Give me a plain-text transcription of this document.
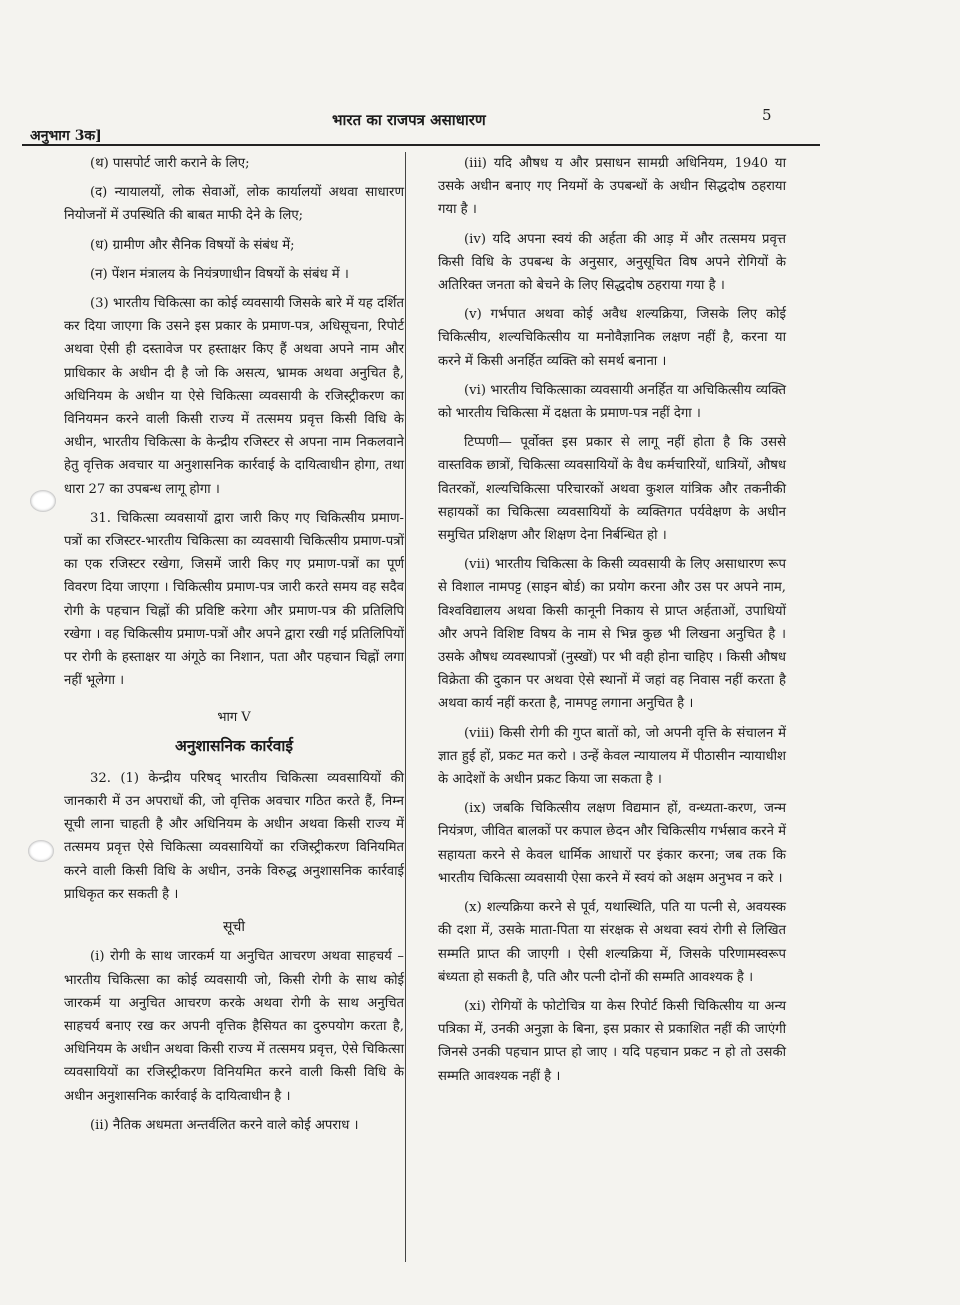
अनुभाग 3क]
भारत का राजपत्र असाधारण	5

(थ) पासपोर्ट जारी कराने के लिए;

(द) न्यायालयों, लोक सेवाओं, लोक कार्यालयों अथवा साधारण नियोजनों में उपस्थिति की बाबत माफी देने के लिए;

(ध) ग्रामीण और सैनिक विषयों के संबंध में;

(न) पेंशन मंत्रालय के नियंत्रणाधीन विषयों के संबंध में ।

(3) भारतीय चिकित्सा का कोई व्यवसायी जिसके बारे में यह दर्शित कर दिया जाएगा कि उसने इस प्रकार के प्रमाण-पत्र, अधिसूचना, रिपोर्ट अथवा ऐसी ही दस्तावेज पर हस्ताक्षर किए हैं अथवा अपने नाम और प्राधिकार के अधीन दी है जो कि असत्य, भ्रामक अथवा अनुचित है, अधिनियम के अधीन या ऐसे चिकित्सा व्यवसायी के रजिस्ट्रीकरण का विनियमन करने वाली किसी राज्य में तत्समय प्रवृत्त किसी विधि के अधीन, भारतीय चिकित्सा के केन्द्रीय रजिस्टर से अपना नाम निकलवाने हेतु वृत्तिक अवचार या अनुशासनिक कार्रवाई के दायित्वाधीन होगा, तथा धारा 27 का उपबन्ध लागू होगा ।

31. चिकित्सा व्यवसायों द्वारा जारी किए गए चिकित्सीय प्रमाण-पत्रों का रजिस्टर-भारतीय चिकित्सा का व्यवसायी चिकित्सीय प्रमाण-पत्रों का एक रजिस्टर रखेगा, जिसमें जारी किए गए प्रमाण-पत्रों का पूर्ण विवरण दिया जाएगा । चिकित्सीय प्रमाण-पत्र जारी करते समय वह सदैव रोगी के पहचान चिह्नों की प्रविष्टि करेगा और प्रमाण-पत्र की प्रतिलिपि रखेगा । वह चिकित्सीय प्रमाण-पत्रों और अपने द्वारा रखी गई प्रतिलिपियों पर रोगी के हस्ताक्षर या अंगूठे का निशान, पता और पहचान चिह्नों लगा नहीं भूलेगा ।

भाग V

अनुशासनिक कार्रवाई

32. (1) केन्द्रीय परिषद् भारतीय चिकित्सा व्यवसायियों की जानकारी में उन अपराधों की, जो वृत्तिक अवचार गठित करते हैं, निम्न सूची लाना चाहती है और अधिनियम के अधीन अथवा किसी राज्य में तत्समय प्रवृत्त ऐसे चिकित्सा व्यवसायियों का रजिस्ट्रीकरण विनियमित करने वाली किसी विधि के अधीन, उनके विरुद्ध अनुशासनिक कार्रवाई प्राधिकृत कर सकती है ।

सूची

(i) रोगी के साथ जारकर्म या अनुचित आचरण अथवा साहचर्य – भारतीय चिकित्सा का कोई व्यवसायी जो, किसी रोगी के साथ कोई जारकर्म या अनुचित आचरण करके अथवा रोगी के साथ अनुचित साहचर्य बनाए रख कर अपनी वृत्तिक हैसियत का दुरुपयोग करता है, अधिनियम के अधीन अथवा किसी राज्य में तत्समय प्रवृत्त, ऐसे चिकित्सा व्यवसायियों का रजिस्ट्रीकरण विनियमित करने वाली किसी विधि के अधीन अनुशासनिक कार्रवाई के दायित्वाधीन है ।

(ii) नैतिक अधमता अन्तर्वलित करने वाले कोई अपराध ।

(iii) यदि औषध य और प्रसाधन सामग्री अधिनियम, 1940 या उसके अधीन बनाए गए नियमों के उपबन्धों के अधीन सिद्धदोष ठहराया गया है ।

(iv) यदि अपना स्वयं की अर्हता की आड़ में और तत्समय प्रवृत्त किसी विधि के उपबन्ध के अनुसार, अनुसूचित विष अपने रोगियों के अतिरिक्त जनता को बेचने के लिए सिद्धदोष ठहराया गया है ।

(v) गर्भपात अथवा कोई अवैध शल्यक्रिया, जिसके लिए कोई चिकित्सीय, शल्यचिकित्सीय या मनोवैज्ञानिक लक्षण नहीं है, करना या करने में किसी अनर्हित व्यक्ति को समर्थ बनाना ।

(vi) भारतीय चिकित्साका व्यवसायी अनर्हित या अचिकित्सीय व्यक्ति को भारतीय चिकित्सा में दक्षता के प्रमाण-पत्र नहीं देगा ।

टिप्पणी— पूर्वोक्त इस प्रकार से लागू नहीं होता है कि उससे वास्तविक छात्रों, चिकित्सा व्यवसायियों के वैध कर्मचारियों, धात्रियों, औषध वितरकों, शल्यचिकित्सा परिचारकों अथवा कुशल यांत्रिक और तकनीकी सहायकों का चिकित्सा व्यवसायियों के व्यक्तिगत पर्यवेक्षण के अधीन समुचित प्रशिक्षण और शिक्षण देना निर्बन्धित हो ।

(vii) भारतीय चिकित्सा के किसी व्यवसायी के लिए असाधारण रूप से विशाल नामपट्ट (साइन बोर्ड) का प्रयोग करना और उस पर अपने नाम, विश्वविद्यालय अथवा किसी कानूनी निकाय से प्राप्त अर्हताओं, उपाधियों और अपने विशिष्ट विषय के नाम से भिन्न कुछ भी लिखना अनुचित है । उसके औषध व्यवस्थापत्रों (नुस्खों) पर भी वही होना चाहिए । किसी औषध विक्रेता की दुकान पर अथवा ऐसे स्थानों में जहां वह निवास नहीं करता है अथवा कार्य नहीं करता है, नामपट्ट लगाना अनुचित है ।

(viii) किसी रोगी की गुप्त बातों को, जो अपनी वृत्ति के संचालन में ज्ञात हुई हों, प्रकट मत करो । उन्हें केवल न्यायालय में पीठासीन न्यायाधीश के आदेशों के अधीन प्रकट किया जा सकता है ।

(ix) जबकि चिकित्सीय लक्षण विद्यमान हों, वन्ध्यता-करण, जन्म नियंत्रण, जीवित बालकों पर कपाल छेदन और चिकित्सीय गर्भस्राव करने में सहायता करने से केवल धार्मिक आधारों पर इंकार करना; जब तक कि भारतीय चिकित्सा व्यवसायी ऐसा करने में स्वयं को अक्षम अनुभव न करे ।

(x) शल्यक्रिया करने से पूर्व, यथास्थिति, पति या पत्नी से, अवयस्क की दशा में, उसके माता-पिता या संरक्षक से अथवा स्वयं रोगी से लिखित सम्मति प्राप्त की जाएगी । ऐसी शल्यक्रिया में, जिसके परिणामस्वरूप बंध्यता हो सकती है, पति और पत्नी दोनों की सम्मति आवश्यक है ।

(xi) रोगियों के फोटोचित्र या केस रिपोर्ट किसी चिकित्सीय या अन्य पत्रिका में, उनकी अनुज्ञा के बिना, इस प्रकार से प्रकाशित नहीं की जाएंगी जिनसे उनकी पहचान प्राप्त हो जाए । यदि पहचान प्रकट न हो तो उसकी सम्मति आवश्यक नहीं है ।
